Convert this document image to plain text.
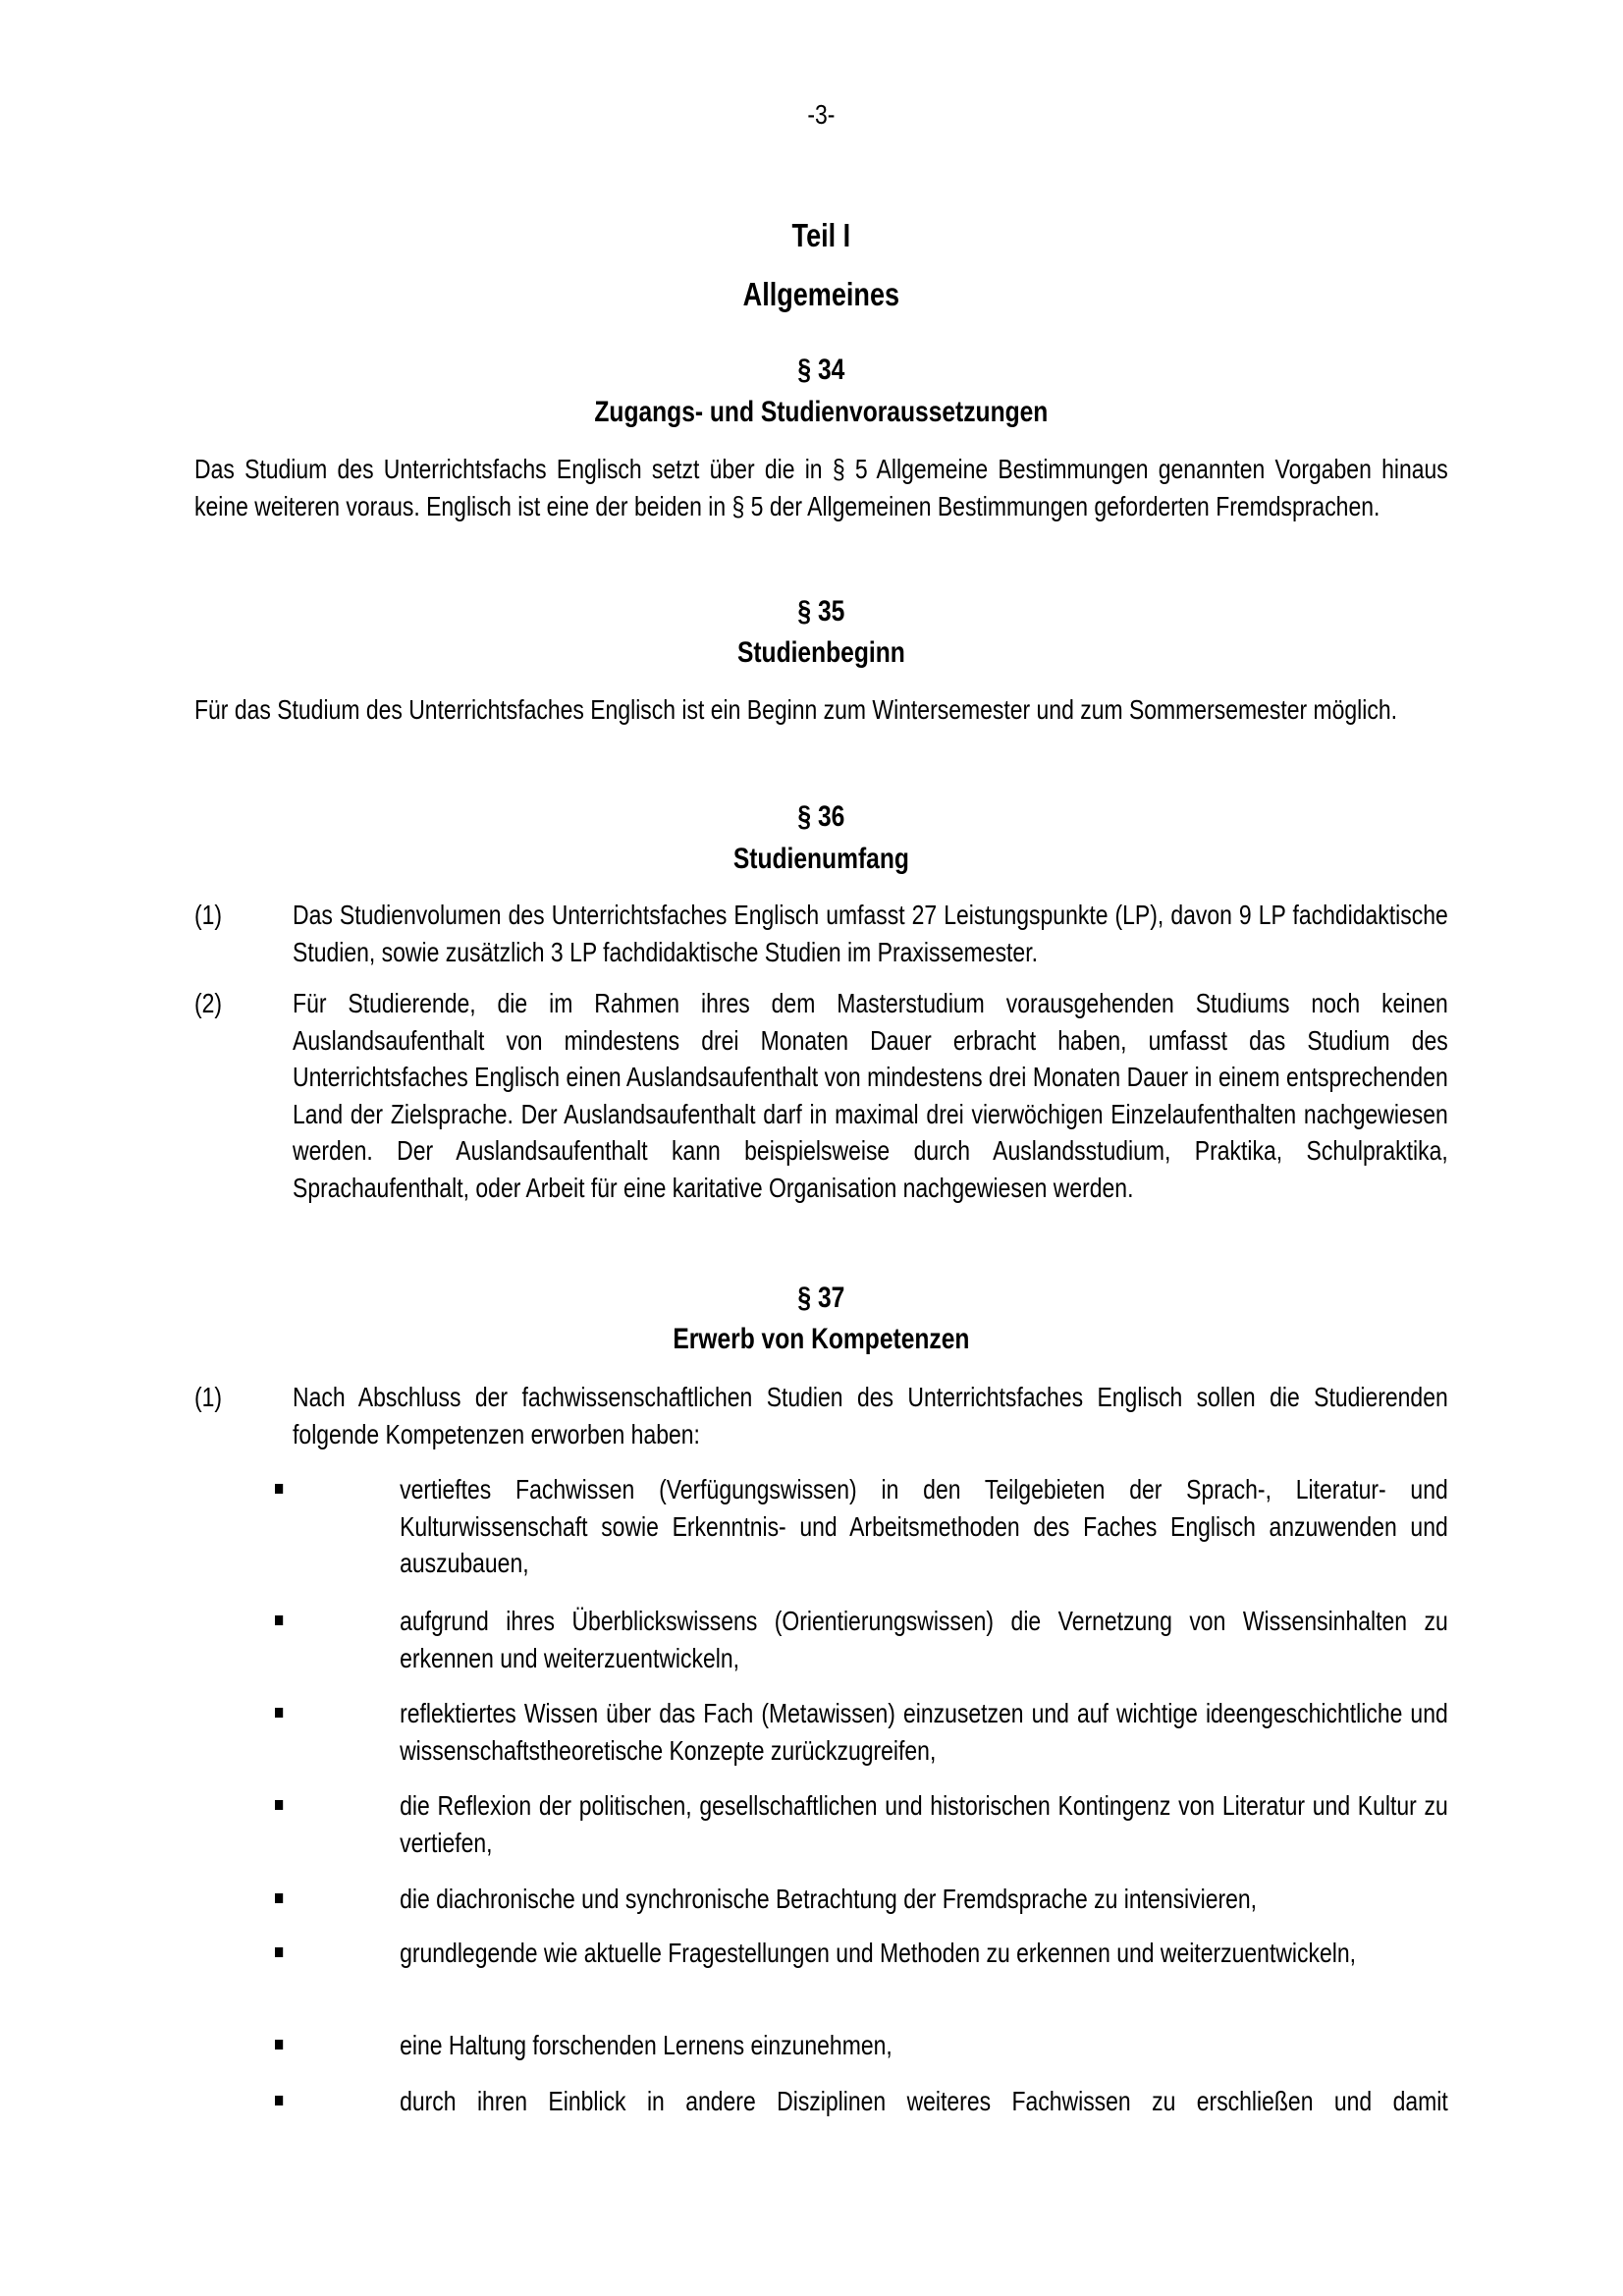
-3-
Teil I
Allgemeines
§ 34
Zugangs- und Studienvoraussetzungen
Das Studium des Unterrichtsfachs Englisch setzt über die in § 5 Allgemeine Bestimmungen genannten Vorgaben hinaus keine weiteren voraus. Englisch ist eine der beiden in § 5 der Allgemeinen Bestimmungen geforderten Fremdsprachen.
§ 35
Studienbeginn
Für das Studium des Unterrichtsfaches Englisch ist ein Beginn zum Wintersemester und zum Sommersemester möglich.
§ 36
Studienumfang
(1)	Das Studienvolumen des Unterrichtsfaches Englisch umfasst 27 Leistungspunkte (LP), davon 9 LP fachdidaktische Studien, sowie zusätzlich 3 LP fachdidaktische Studien im Praxissemester.
(2)	Für Studierende, die im Rahmen ihres dem Masterstudium vorausgehenden Studiums noch keinen Auslandsaufenthalt von mindestens drei Monaten Dauer erbracht haben, umfasst das Studium des Unterrichtsfaches Englisch einen Auslandsaufenthalt von mindestens drei Monaten Dauer in einem entsprechenden Land der Zielsprache. Der Auslandsaufenthalt darf in maximal drei vierwöchigen Einzelaufenthalten nachgewiesen werden. Der Auslandsaufenthalt kann beispielsweise durch Auslandsstudium, Praktika, Schulpraktika, Sprachaufenthalt, oder Arbeit für eine karitative Organisation nachgewiesen werden.
§ 37
Erwerb von Kompetenzen
(1)	Nach Abschluss der fachwissenschaftlichen Studien des Unterrichtsfaches Englisch sollen die Studierenden folgende Kompetenzen erworben haben:
vertieftes Fachwissen (Verfügungswissen) in den Teilgebieten der Sprach-, Literatur- und Kulturwissenschaft sowie Erkenntnis- und Arbeitsmethoden des Faches Englisch anzuwenden und auszubauen,
aufgrund ihres Überblickswissens (Orientierungswissen) die Vernetzung von Wissensinhalten zu erkennen und weiterzuentwickeln,
reflektiertes Wissen über das Fach (Metawissen) einzusetzen und auf wichtige ideengeschichtliche und wissenschaftstheoretische Konzepte zurückzugreifen,
die Reflexion der politischen, gesellschaftlichen und historischen Kontingenz von Literatur und Kultur zu vertiefen,
die diachronische und synchronische Betrachtung der Fremdsprache zu intensivieren,
grundlegende wie aktuelle Fragestellungen und Methoden zu erkennen und weiterzuentwickeln,
eine Haltung forschenden Lernens einzunehmen,
durch ihren Einblick in andere Disziplinen weiteres Fachwissen zu erschließen und damit
